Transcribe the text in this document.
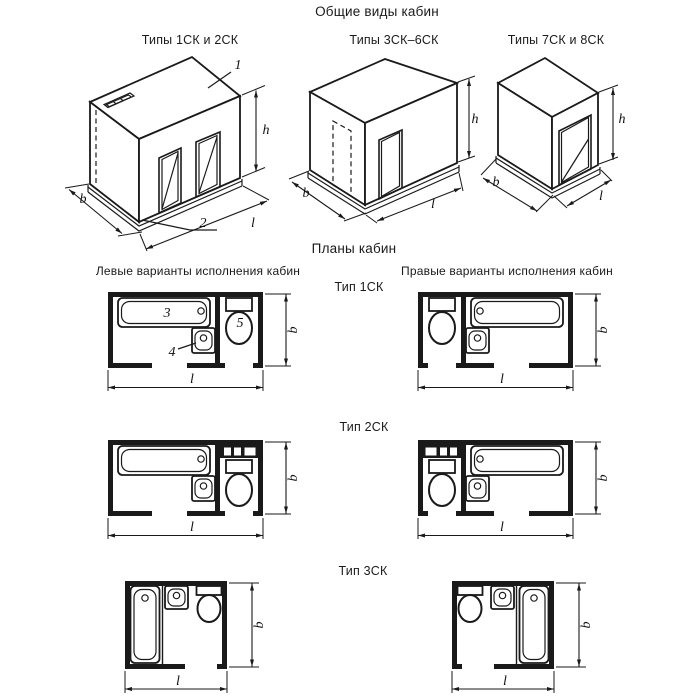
Общие виды кабин
Типы 1СК и 2СК	Типы 3СК–6СК	Типы 7СК и 8СК
Планы кабин
Левые варианты исполнения кабин	Правые варианты исполнения кабин
Тип 1СК
Тип 2СК
Тип 3СК
h
b
l
1
2
h
b
l
h
b
l
b
l
3
4
5	b
l
b
l
b
l
b
l
b
l
